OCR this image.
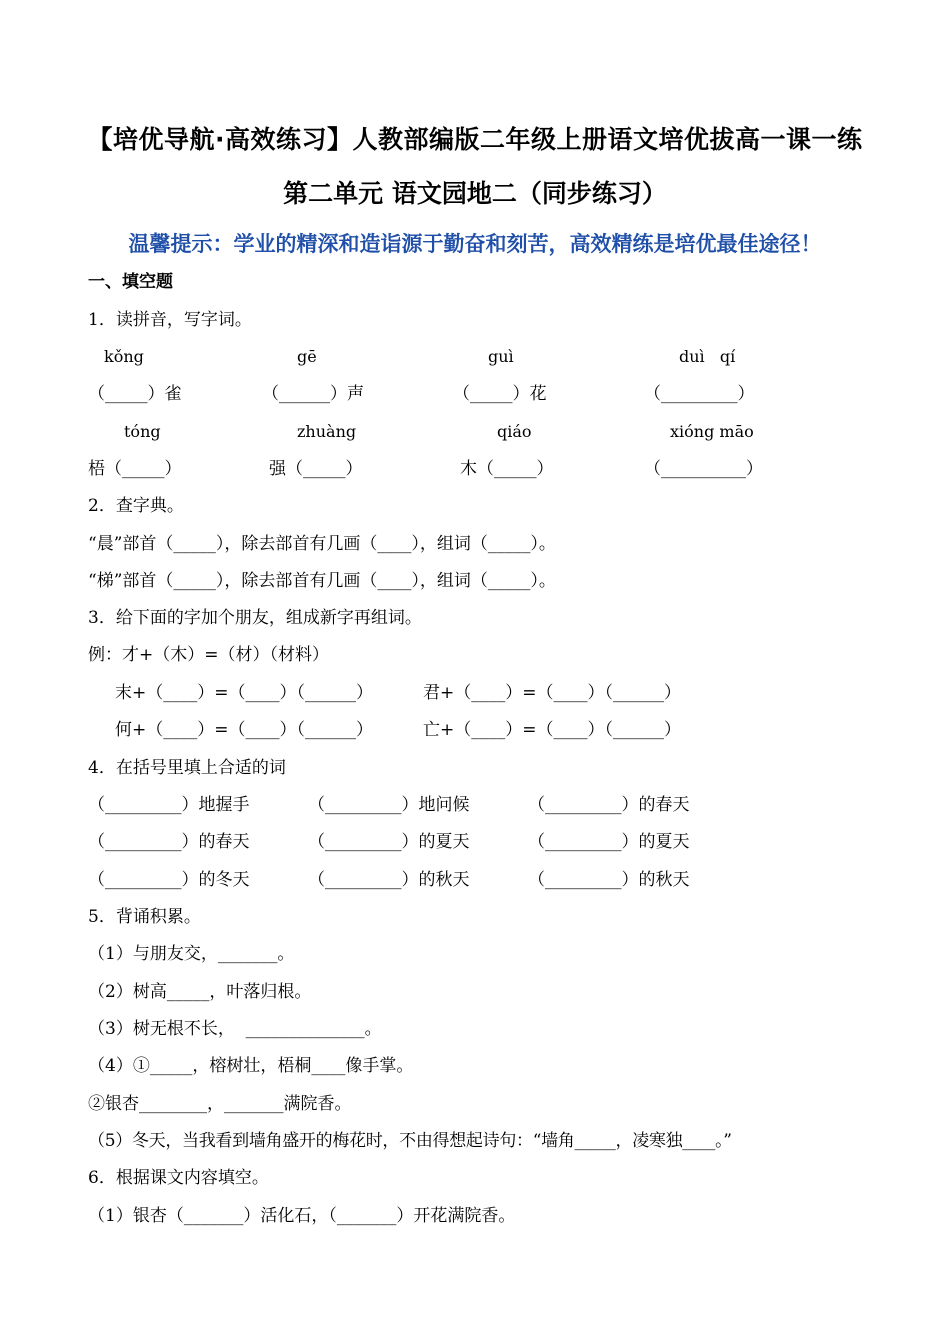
【培优导航·高效练习】人教部编版二年级上册语文培优拔高一课一练
第二单元 语文园地二（同步练习）
温馨提示：学业的精深和造诣源于勤奋和刻苦，高效精练是培优最佳途径！
一、填空题
1．读拼音，写字词。
kǒng	gē	guì	duì   qí
（_____）雀	（______）声	（_____）花	（_________）
tóng	zhuàng	qiáo	xióng māo
梧（_____）	强（_____）	木（_____）	（__________）
2．查字典。
“晨”部首（_____），除去部首有几画（____），组词（_____）。
“梯”部首（_____），除去部首有几画（____），组词（_____）。
3．给下面的字加个朋友，组成新字再组词。
例：才+（木）=（材）（材料）
末+（____）=（____）（______）	君+（____）=（____）（______）
何+（____）=（____）（______）	亡+（____）=（____）（______）
4．在括号里填上合适的词
（_________）地握手	（_________）地问候	（_________）的春天
（_________）的春天	（_________）的夏天	（_________）的夏天
（_________）的冬天	（_________）的秋天	（_________）的秋天
5．背诵积累。
（1）与朋友交，_______。
（2）树高_____，叶落归根。
（3）树无根不长，  ______________。
（4）①_____，榕树壮，梧桐____像手掌。
②银杏________，_______满院香。
（5）冬天，当我看到墙角盛开的梅花时，不由得想起诗句：“墙角_____，凌寒独____。”
6．根据课文内容填空。
（1）银杏（_______）活化石，（_______）开花满院香。
